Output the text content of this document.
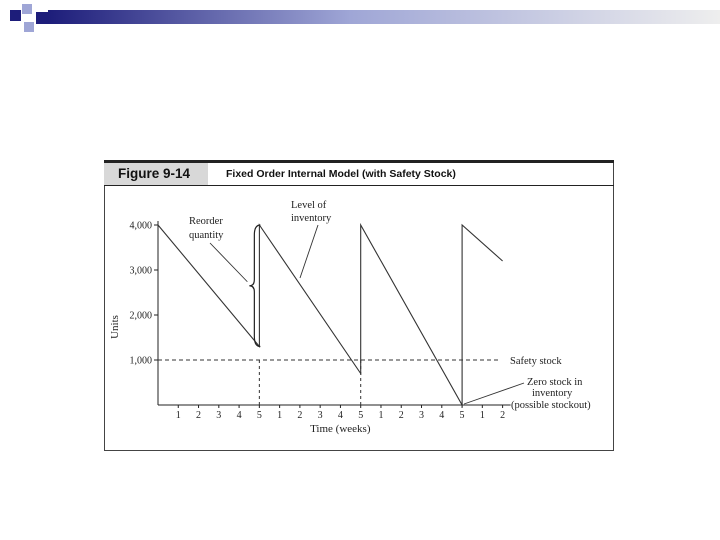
Figure 9-14	Fixed Order Internal Model (with Safety Stock)
1,000
2,000
3,000
4,000
1 2 3 4 5 1 2 3 4 5 1 2 3 4 5 1 2
Time (weeks)
Units
Reorder
quantity
Level of
inventory
Safety stock
Zero stock in
inventory
(possible stockout)
